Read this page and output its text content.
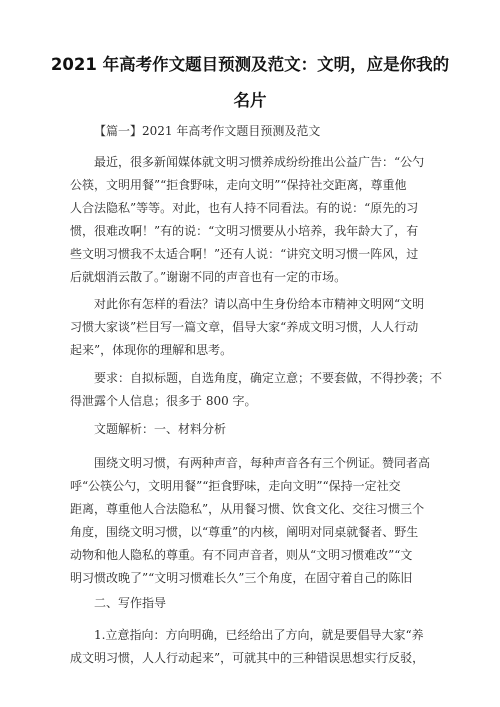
2021 年高考作文题目预测及范文：文明，应是你我的
名片
【篇一】2021 年高考作文题目预测及范文
最近，很多新闻媒体就文明习惯养成纷纷推出公益广告：“公勺
公筷，文明用餐”“拒食野味，走向文明”“保持社交距离，尊重他
人合法隐私”等等。对此，也有人持不同看法。有的说：“原先的习
惯，很难改啊！”有的说：“文明习惯要从小培养，我年龄大了，有
些文明习惯我不太适合啊！”还有人说：“讲究文明习惯一阵风，过
后就烟消云散了。”谢谢不同的声音也有一定的市场。
对此你有怎样的看法？请以高中生身份给本市精神文明网“文明
习惯大家谈”栏目写一篇文章，倡导大家“养成文明习惯，人人行动
起来”，体现你的理解和思考。
要求：自拟标题，自选角度，确定立意；不要套做，不得抄袭；不
得泄露个人信息；很多于 800 字。
文题解析：一、材料分析
围绕文明习惯，有两种声音，每种声音各有三个例证。赞同者高
呼“公筷公勺，文明用餐”“拒食野味，走向文明”“保持一定社交
距离，尊重他人合法隐私”，从用餐习惯、饮食文化、交往习惯三个
角度，围绕文明习惯，以“尊重”的内核，阐明对同桌就餐者、野生
动物和他人隐私的尊重。有不同声音者，则从“文明习惯难改”“文
明习惯改晚了”“文明习惯难长久”三个角度，在固守着自己的陈旧
二、写作指导
1.立意指向：方向明确，已经给出了方向，就是要倡导大家“养
成文明习惯，人人行动起来”，可就其中的三种错误思想实行反驳，
